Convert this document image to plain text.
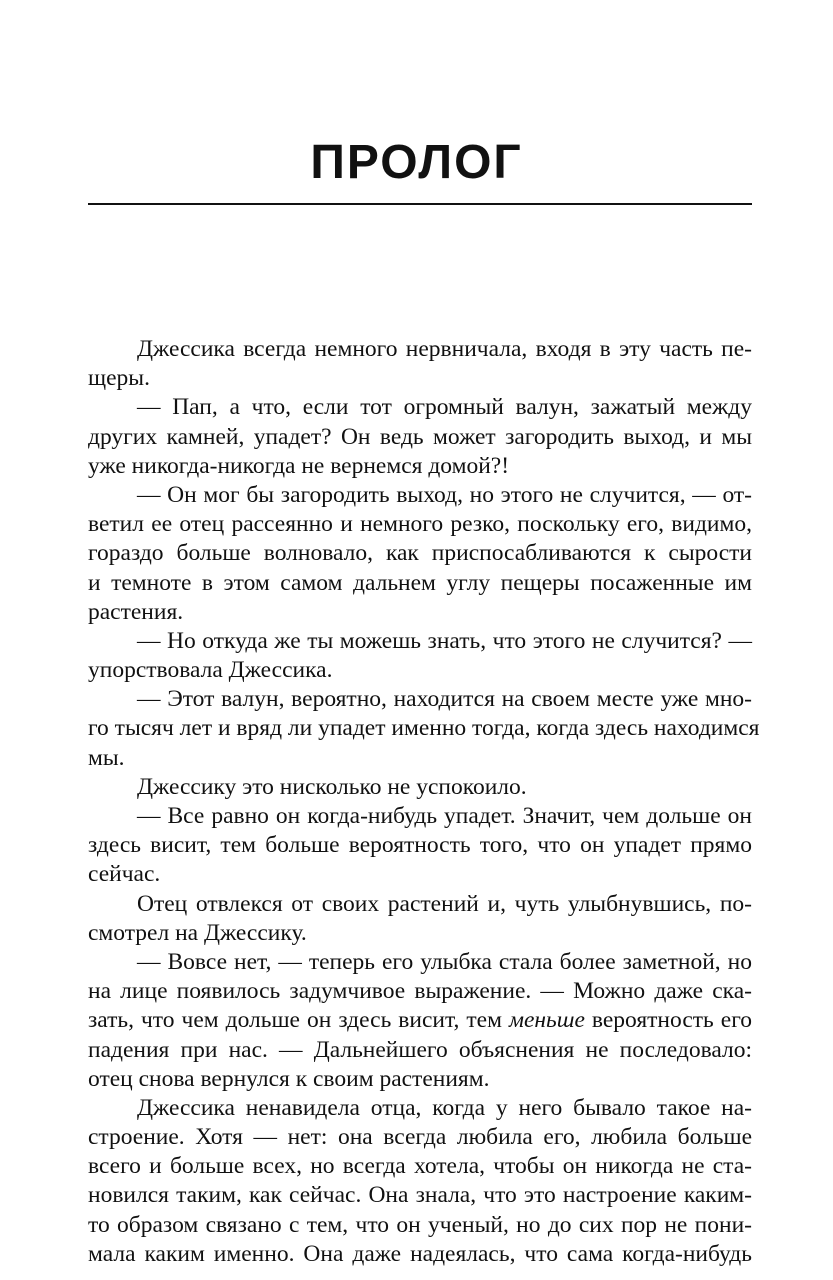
ПРОЛОГ
Джессика всегда немного нервничала, входя в эту часть пе-
щеры.
— Пап, а что, если тот огромный валун, зажатый между
других камней, упадет? Он ведь может загородить выход, и мы
уже никогда-никогда не вернемся домой?!
— Он мог бы загородить выход, но этого не случится, — от-
ветил ее отец рассеянно и немного резко, поскольку его, видимо,
гораздо больше волновало, как приспосабливаются к сырости
и темноте в этом самом дальнем углу пещеры посаженные им
растения.
— Но откуда же ты можешь знать, что этого не случится? —
упорствовала Джессика.
— Этот валун, вероятно, находится на своем месте уже мно-
го тысяч лет и вряд ли упадет именно тогда, когда здесь находимся
мы.
Джессику это нисколько не успокоило.
— Все равно он когда-нибудь упадет. Значит, чем дольше он
здесь висит, тем больше вероятность того, что он упадет прямо
сейчас.
Отец отвлекся от своих растений и, чуть улыбнувшись, по-
смотрел на Джессику.
— Вовсе нет, — теперь его улыбка стала более заметной, но
на лице появилось задумчивое выражение. — Можно даже ска-
зать, что чем дольше он здесь висит, тем меньше вероятность его
падения при нас. — Дальнейшего объяснения не последовало:
отец снова вернулся к своим растениям.
Джессика ненавидела отца, когда у него бывало такое на-
строение. Хотя — нет: она всегда любила его, любила больше
всего и больше всех, но всегда хотела, чтобы он никогда не ста-
новился таким, как сейчас. Она знала, что это настроение каким-
то образом связано с тем, что он ученый, но до сих пор не пони-
мала каким именно. Она даже надеялась, что сама когда-нибудь
